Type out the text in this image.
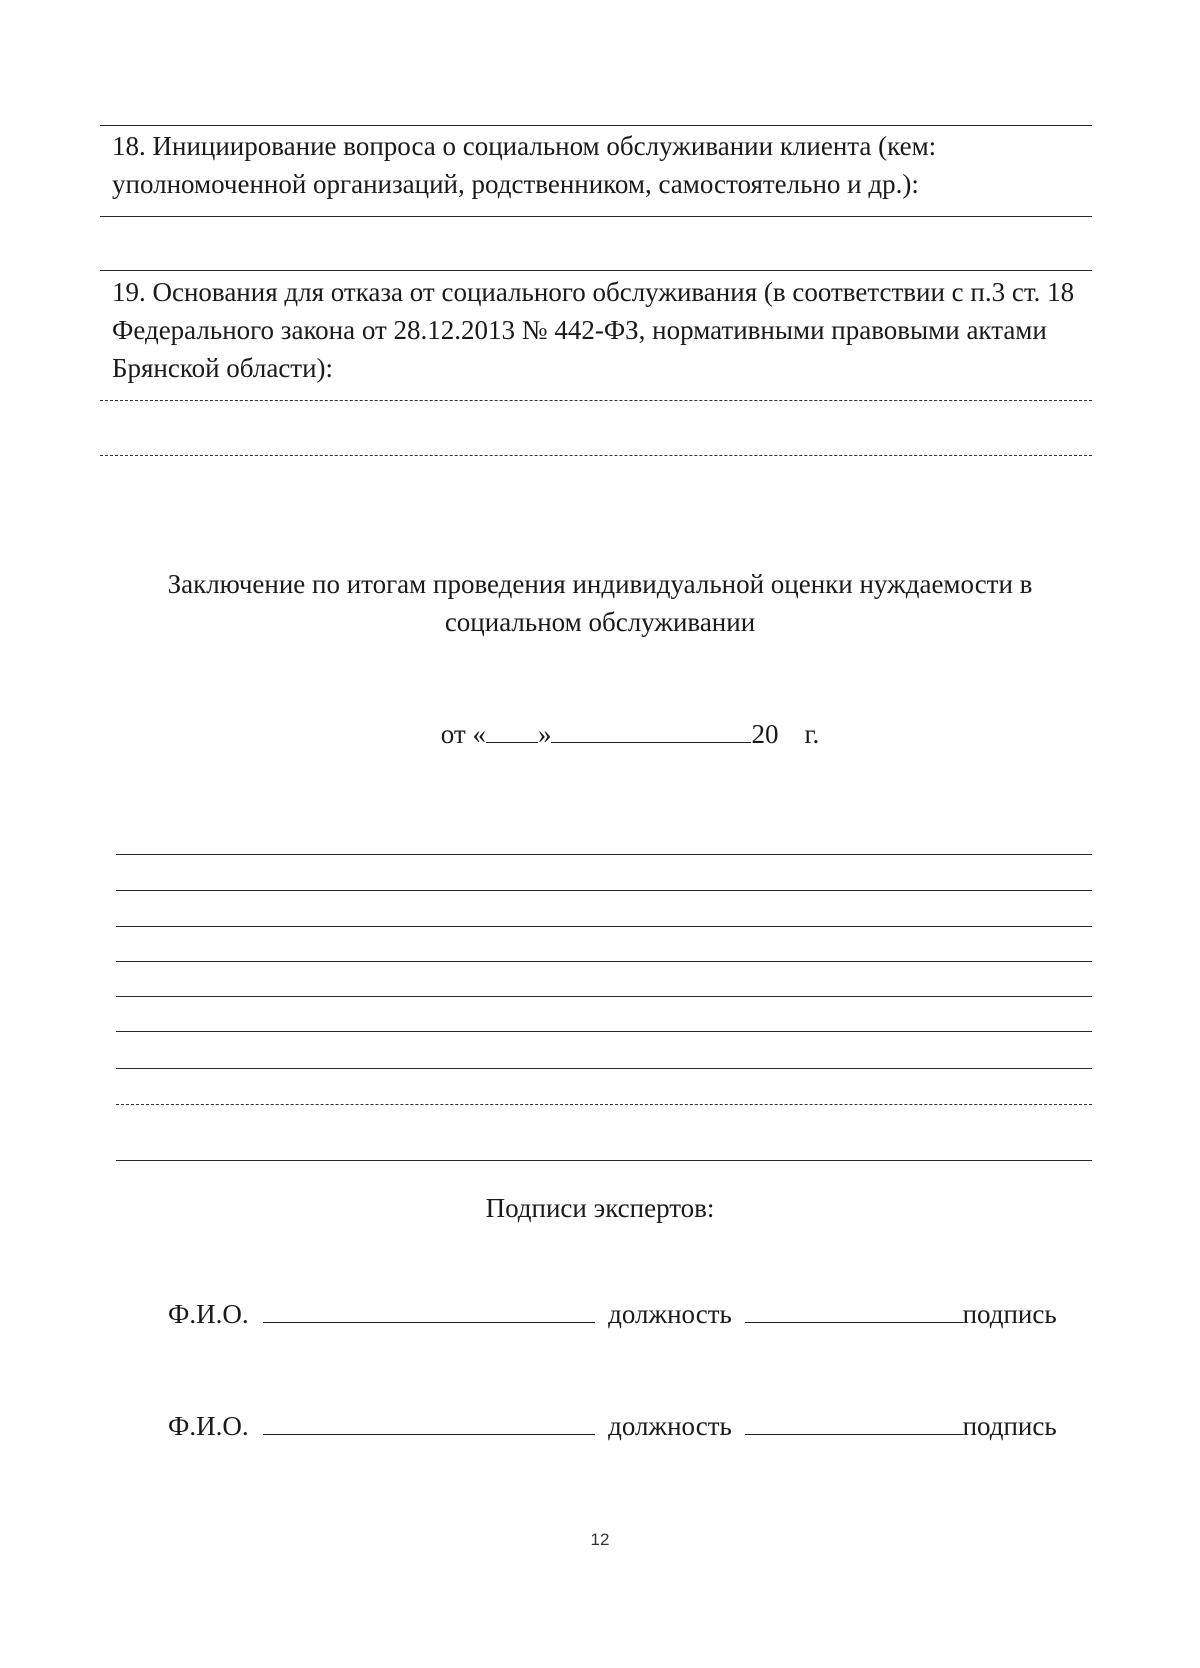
18. Инициирование вопроса о социальном обслуживании клиента (кем:
уполномоченной организаций, родственником, самостоятельно и др.):
19. Основания для отказа от социального обслуживания (в соответствии с п.3 ст. 18
Федерального закона от 28.12.2013 № 442-ФЗ, нормативными правовыми актами
Брянской области):
Заключение по итогам проведения индивидуальной оценки нуждаемости в
социальном обслуживании
от « »	20 г.
Подписи экспертов:
Ф.И.О.	должность	подпись
Ф.И.О.	должность	подпись
12
